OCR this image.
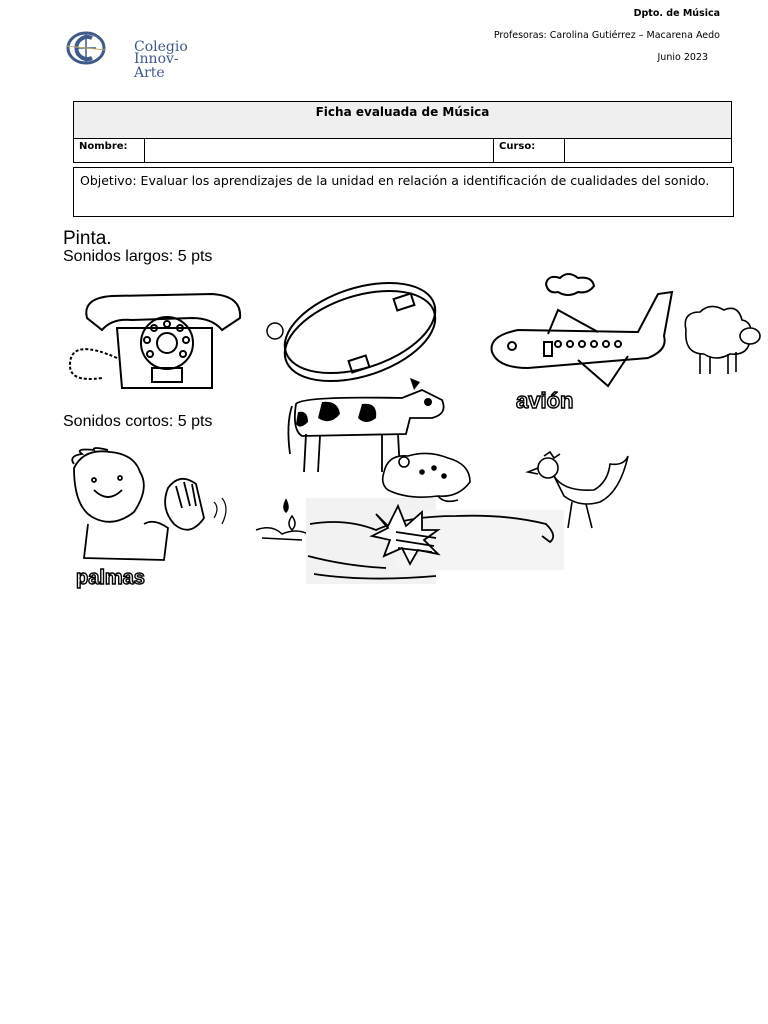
Colegio
Innov-Arte
Dpto. de Música
Profesoras: Carolina Gutiérrez – Macarena Aedo
Junio 2023
Ficha evaluada de Música
Nombre:		Curso:	
Objetivo: Evaluar los aprendizajes de la unidad en relación a identificación de cualidades del sonido.
Pinta.
Sonidos largos: 5 pts
Sonidos cortos: 5 pts
avión
palmas
